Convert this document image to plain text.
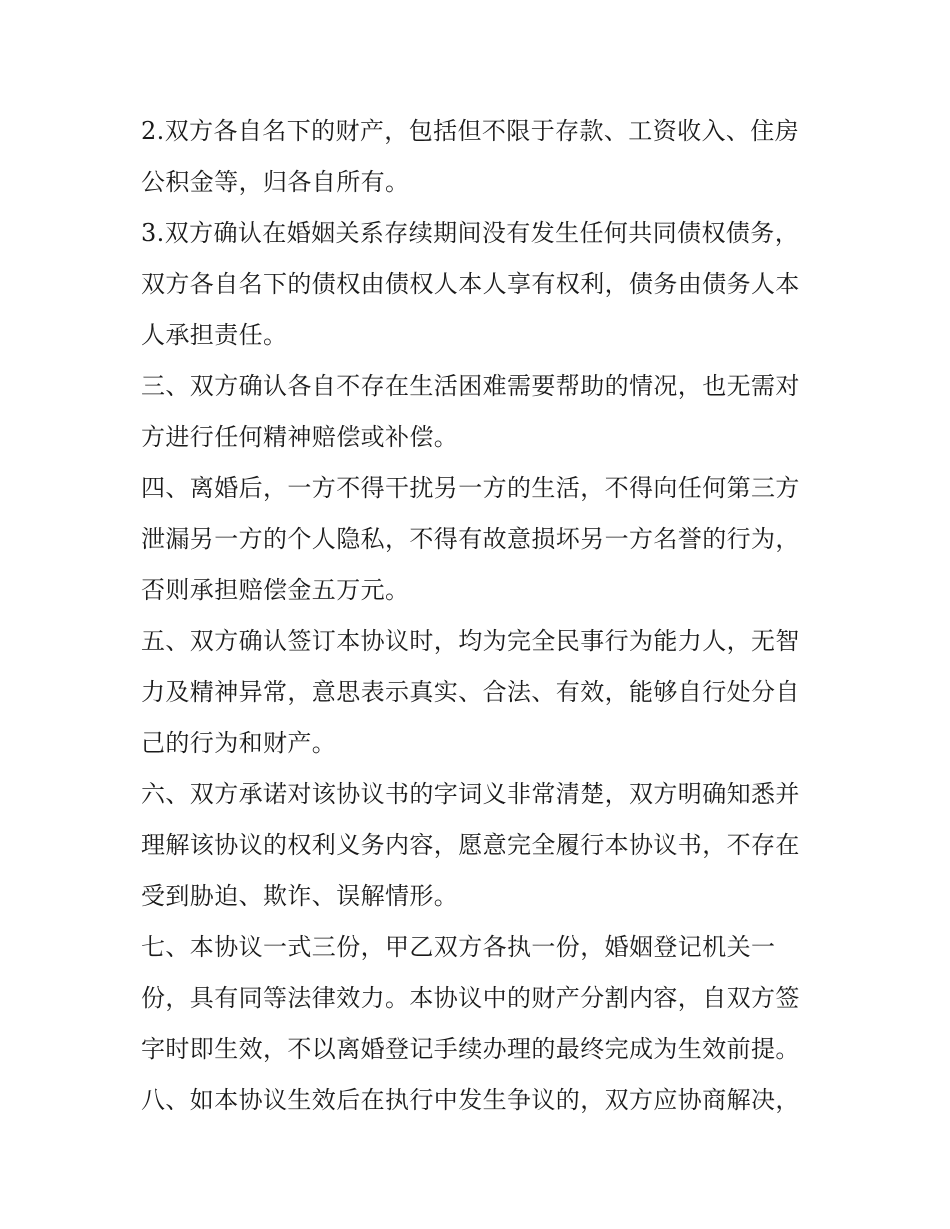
2.双方各自名下的财产，包括但不限于存款、工资收入、住房
公积金等，归各自所有。
3.双方确认在婚姻关系存续期间没有发生任何共同债权债务，
双方各自名下的债权由债权人本人享有权利，债务由债务人本
人承担责任。
三、双方确认各自不存在生活困难需要帮助的情况，也无需对
方进行任何精神赔偿或补偿。
四、离婚后，一方不得干扰另一方的生活，不得向任何第三方
泄漏另一方的个人隐私，不得有故意损坏另一方名誉的行为，
否则承担赔偿金五万元。
五、双方确认签订本协议时，均为完全民事行为能力人，无智
力及精神异常，意思表示真实、合法、有效，能够自行处分自
己的行为和财产。
六、双方承诺对该协议书的字词义非常清楚，双方明确知悉并
理解该协议的权利义务内容，愿意完全履行本协议书，不存在
受到胁迫、欺诈、误解情形。
七、本协议一式三份，甲乙双方各执一份，婚姻登记机关一
份，具有同等法律效力。本协议中的财产分割内容，自双方签
字时即生效，不以离婚登记手续办理的最终完成为生效前提。
八、如本协议生效后在执行中发生争议的，双方应协商解决，
